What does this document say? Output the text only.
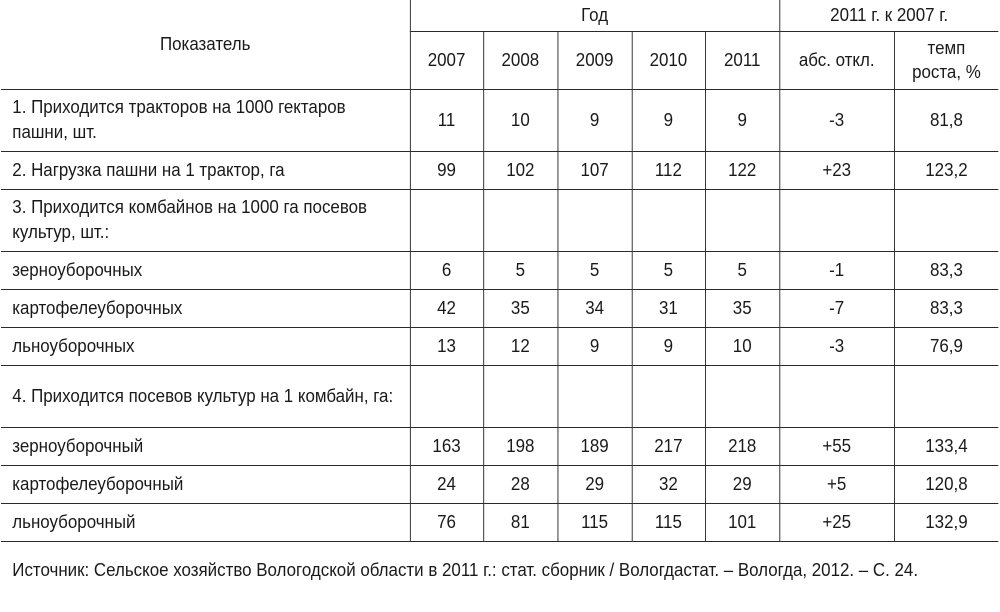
Показатель	Год					2011 г. к 2007 г.	
	2007	2008	2009	2010	2011	абс. откл.	темп роста, %
1. Приходится тракторов на 1000 гектаров пашни, шт.	11	10	9	9	9	-3	81,8
2. Нагрузка пашни на 1 трактор, га	99	102	107	112	122	+23	123,2
3. Приходится комбайнов на 1000 га посевов культур, шт.:							
зерноуборочных	6	5	5	5	5	-1	83,3
картофелеуборочных	42	35	34	31	35	-7	83,3
льноуборочных	13	12	9	9	10	-3	76,9
4. Приходится посевов культур на 1 комбайн, га:							
зерноуборочный	163	198	189	217	218	+55	133,4
картофелеуборочный	24	28	29	32	29	+5	120,8
льноуборочный	76	81	115	115	101	+25	132,9
Источник: Сельское хозяйство Вологодской области в 2011 г.: стат. сборник / Вологдастат. – Вологда, 2012. – С. 24.							
